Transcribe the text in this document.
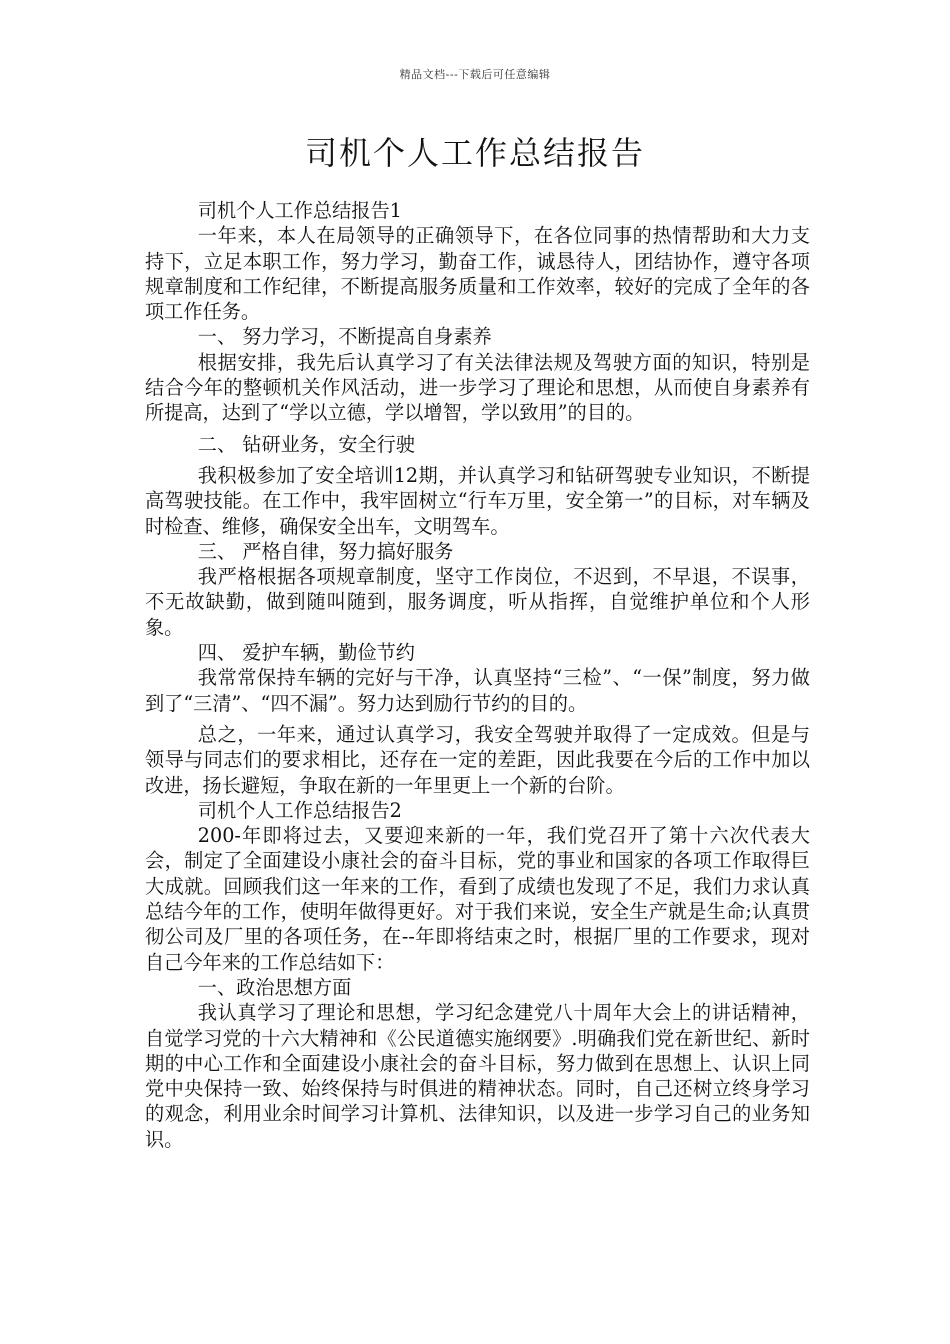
精品文档---下载后可任意编辑
司机个人工作总结报告

司机个人工作总结报告1

一年来，本人在局领导的正确领导下，在各位同事的热情帮助和大力支持下，立足本职工作，努力学习，勤奋工作，诚恳待人，团结协作，遵守各项规章制度和工作纪律，不断提高服务质量和工作效率，较好的完成了全年的各项工作任务。

一、 努力学习，不断提高自身素养

根据安排，我先后认真学习了有关法律法规及驾驶方面的知识，特别是结合今年的整顿机关作风活动，进一步学习了理论和思想，从而使自身素养有所提高，达到了“学以立德，学以增智，学以致用”的目的。

二、 钻研业务，安全行驶

我积极参加了安全培训12期，并认真学习和钻研驾驶专业知识，不断提高驾驶技能。在工作中，我牢固树立“行车万里，安全第一”的目标，对车辆及时检查、维修，确保安全出车，文明驾车。

三、 严格自律，努力搞好服务

我严格根据各项规章制度，坚守工作岗位，不迟到，不早退，不误事，不无故缺勤，做到随叫随到，服务调度，听从指挥，自觉维护单位和个人形象。

四、 爱护车辆，勤俭节约

我常常保持车辆的完好与干净，认真坚持“三检”、“一保”制度，努力做到了“三清”、“四不漏”。努力达到励行节约的目的。

总之，一年来，通过认真学习，我安全驾驶并取得了一定成效。但是与领导与同志们的要求相比，还存在一定的差距，因此我要在今后的工作中加以改进，扬长避短，争取在新的一年里更上一个新的台阶。

司机个人工作总结报告2

200-年即将过去，又要迎来新的一年，我们党召开了第十六次代表大会，制定了全面建设小康社会的奋斗目标，党的事业和国家的各项工作取得巨大成就。回顾我们这一年来的工作，看到了成绩也发现了不足，我们力求认真总结今年的工作，使明年做得更好。对于我们来说，安全生产就是生命;认真贯彻公司及厂里的各项任务，在--年即将结束之时，根据厂里的工作要求，现对自己今年来的工作总结如下：

一、政治思想方面

我认真学习了理论和思想，学习纪念建党八十周年大会上的讲话精神，自觉学习党的十六大精神和《公民道德实施纲要》.明确我们党在新世纪、新时期的中心工作和全面建设小康社会的奋斗目标，努力做到在思想上、认识上同党中央保持一致、始终保持与时俱进的精神状态。同时，自己还树立终身学习的观念，利用业余时间学习计算机、法律知识，以及进一步学习自己的业务知识。
